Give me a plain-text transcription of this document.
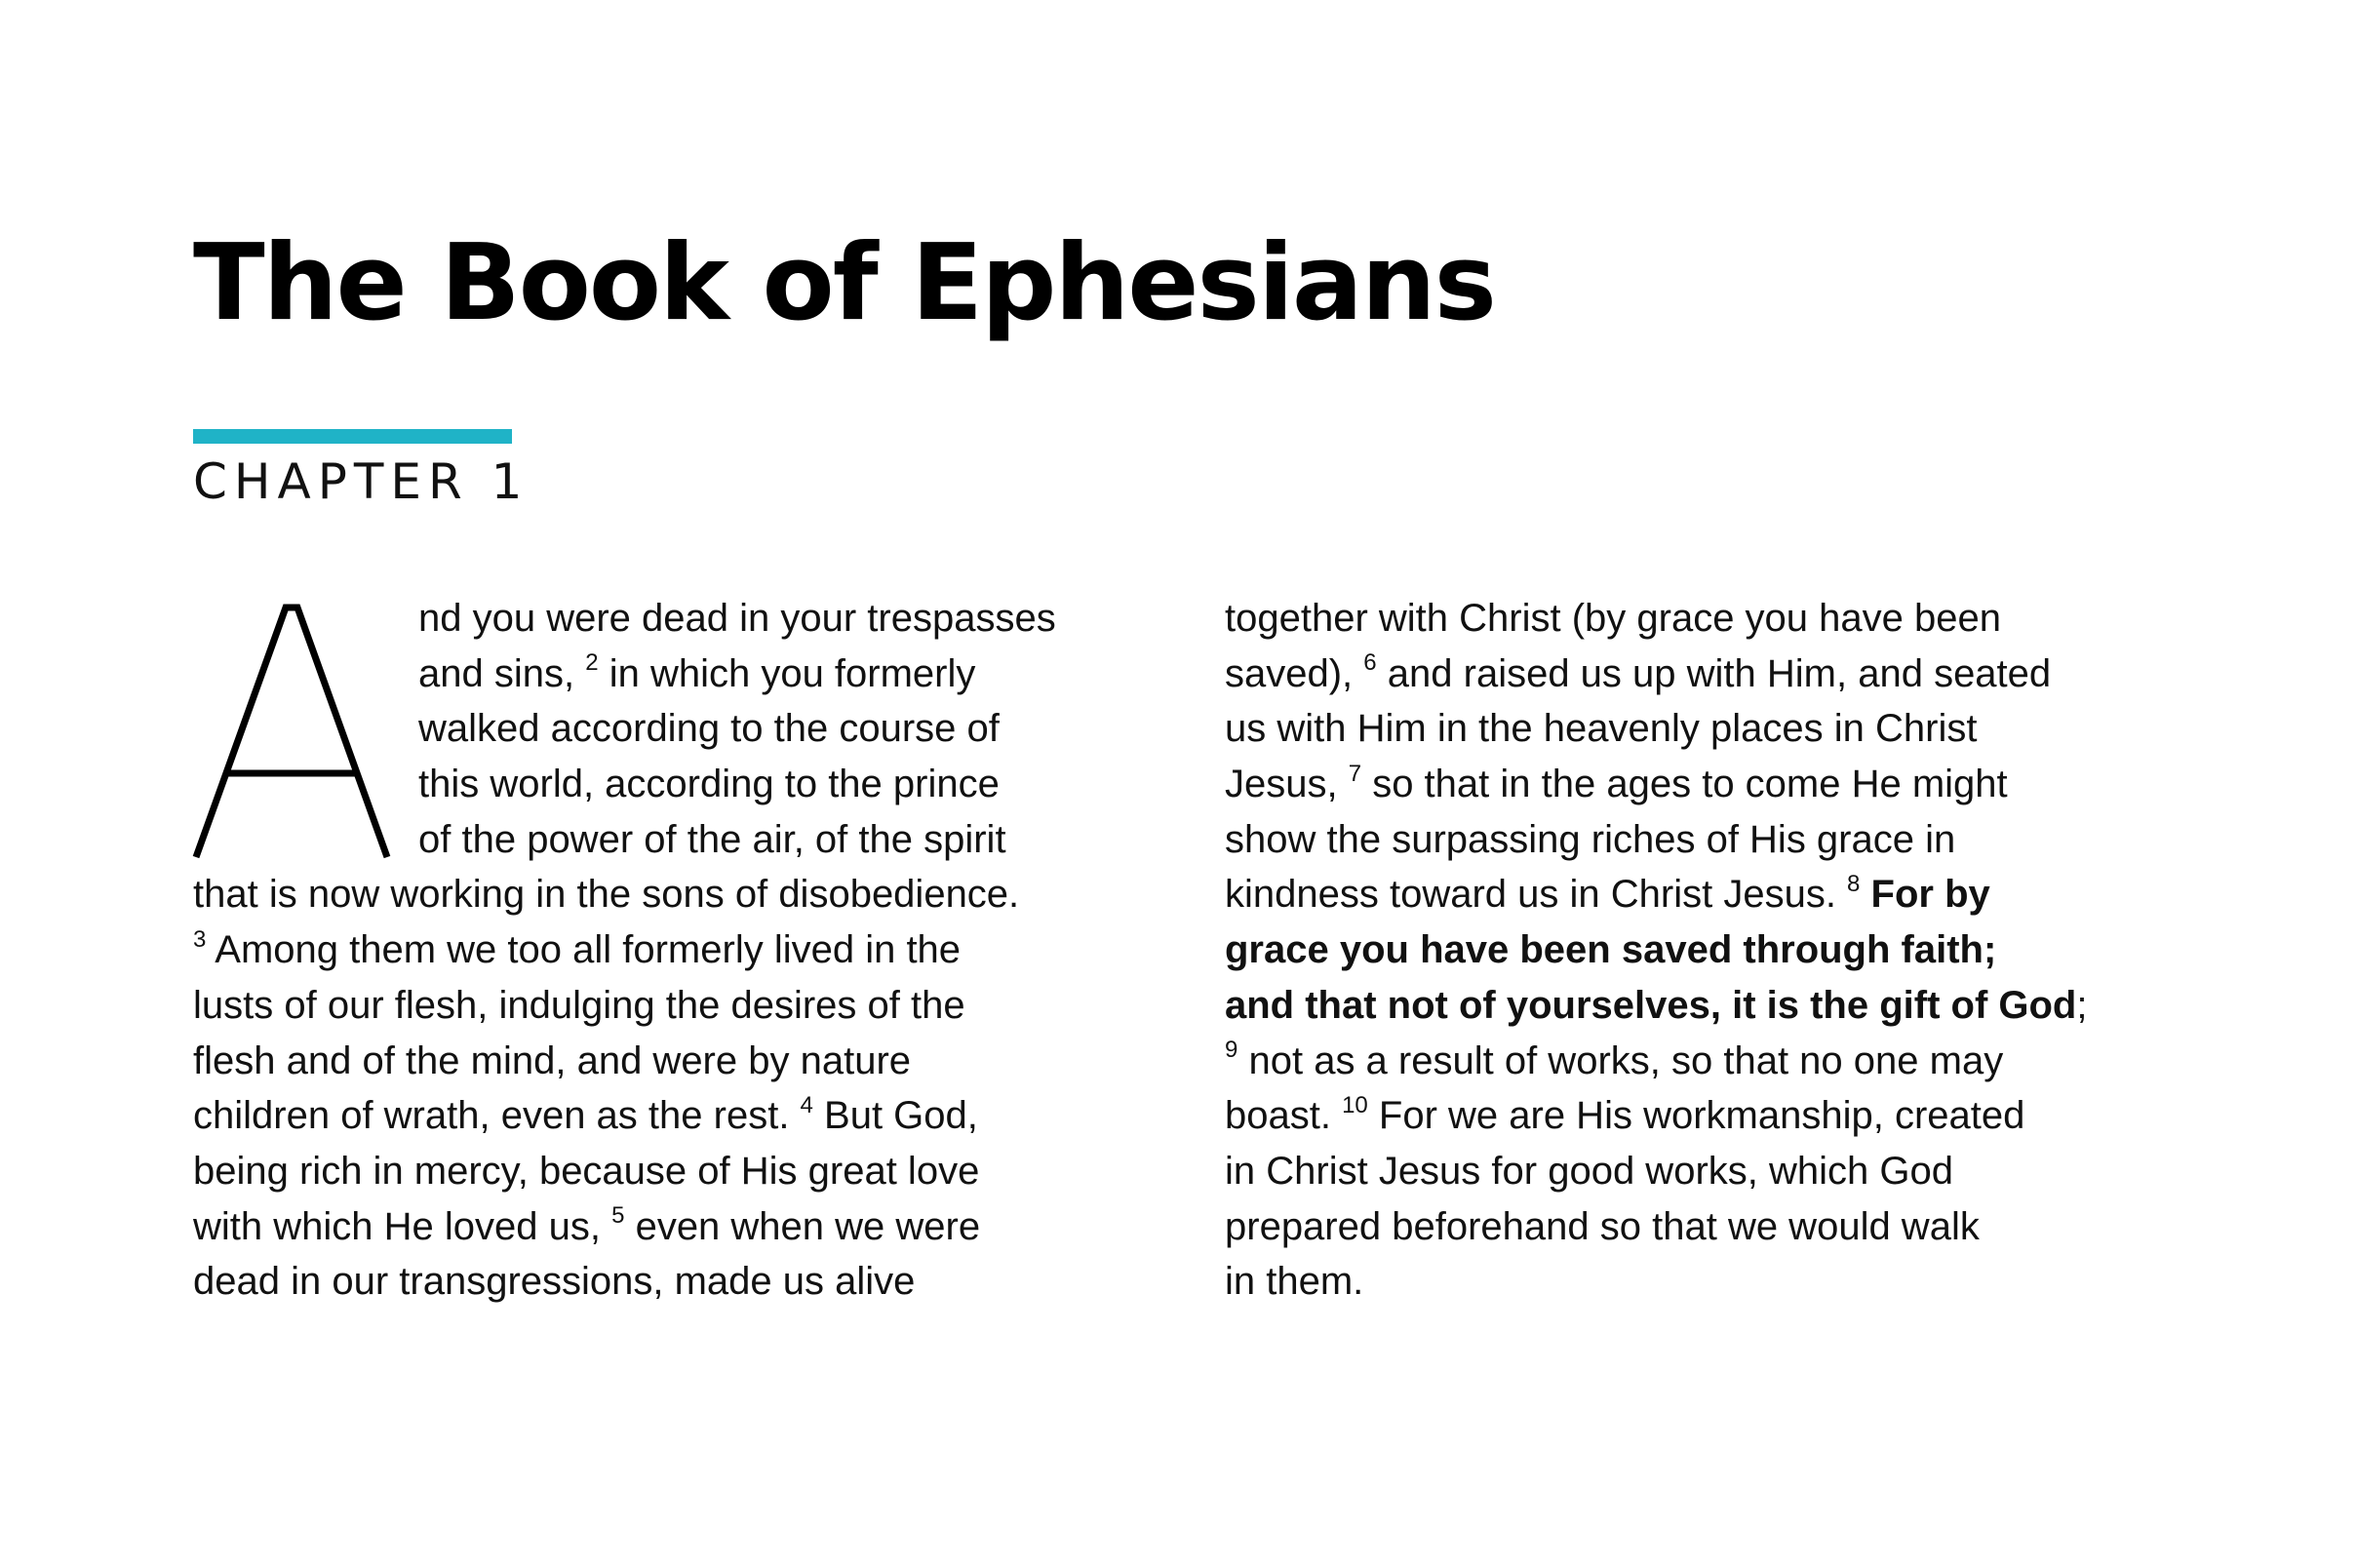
The Book of Ephesians
CHAPTER 1
nd you were dead in your trespasses
and sins, $^2$ in which you formerly
walked according to the course of
this world, according to the prince
of the power of the air, of the spirit
that is now working in the sons of disobedience.
$^3$ Among them we too all formerly lived in the
lusts of our flesh, indulging the desires of the
flesh and of the mind, and were by nature
children of wrath, even as the rest. $^4$ But God,
being rich in mercy, because of His great love
with which He loved us, $^5$ even when we were
dead in our transgressions, made us alive
together with Christ (by grace you have been
saved), $^6$ and raised us up with Him, and seated
us with Him in the heavenly places in Christ
Jesus, $^7$ so that in the ages to come He might
show the surpassing riches of His grace in
kindness toward us in Christ Jesus. $^8$ For by
grace you have been saved through faith;
and that not of yourselves, it is the gift of God;
$^9$ not as a result of works, so that no one may
boast. $^{10}$ For we are His workmanship, created
in Christ Jesus for good works, which God
prepared beforehand so that we would walk
in them.
